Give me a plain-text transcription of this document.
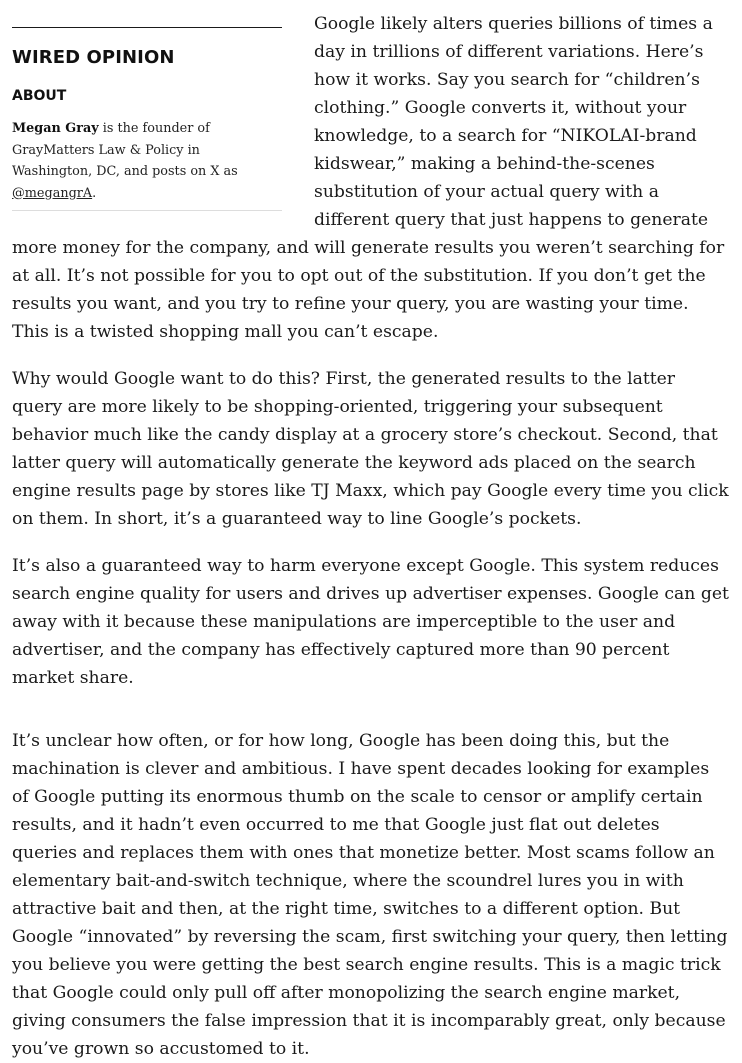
WIRED OPINION
ABOUT
Megan Gray is the founder of GrayMatters Law & Policy in Washington, DC, and posts on X as @megangrA.

Google likely alters queries billions of times a day in trillions of different variations. Here’s how it works. Say you search for “children’s clothing.” Google converts it, without your knowledge, to a search for “NIKOLAI-brand kidswear,” making a behind-the-scenes substitution of your actual query with a different query that just happens to generate more money for the company, and will generate results you weren’t searching for at all. It’s not possible for you to opt out of the substitution. If you don’t get the results you want, and you try to refine your query, you are wasting your time. This is a twisted shopping mall you can’t escape.

Why would Google want to do this? First, the generated results to the latter query are more likely to be shopping-oriented, triggering your subsequent behavior much like the candy display at a grocery store’s checkout. Second, that latter query will automatically generate the keyword ads placed on the search engine results page by stores like TJ Maxx, which pay Google every time you click on them. In short, it’s a guaranteed way to line Google’s pockets.

It’s also a guaranteed way to harm everyone except Google. This system reduces search engine quality for users and drives up advertiser expenses. Google can get away with it because these manipulations are imperceptible to the user and advertiser, and the company has effectively captured more than 90 percent market share.

It’s unclear how often, or for how long, Google has been doing this, but the machination is clever and ambitious. I have spent decades looking for examples of Google putting its enormous thumb on the scale to censor or amplify certain results, and it hadn’t even occurred to me that Google just flat out deletes queries and replaces them with ones that monetize better. Most scams follow an elementary bait-and-switch technique, where the scoundrel lures you in with attractive bait and then, at the right time, switches to a different option. But Google “innovated” by reversing the scam, first switching your query, then letting you believe you were getting the best search engine results. This is a magic trick that Google could only pull off after monopolizing the search engine market, giving consumers the false impression that it is incomparably great, only because you’ve grown so accustomed to it.
